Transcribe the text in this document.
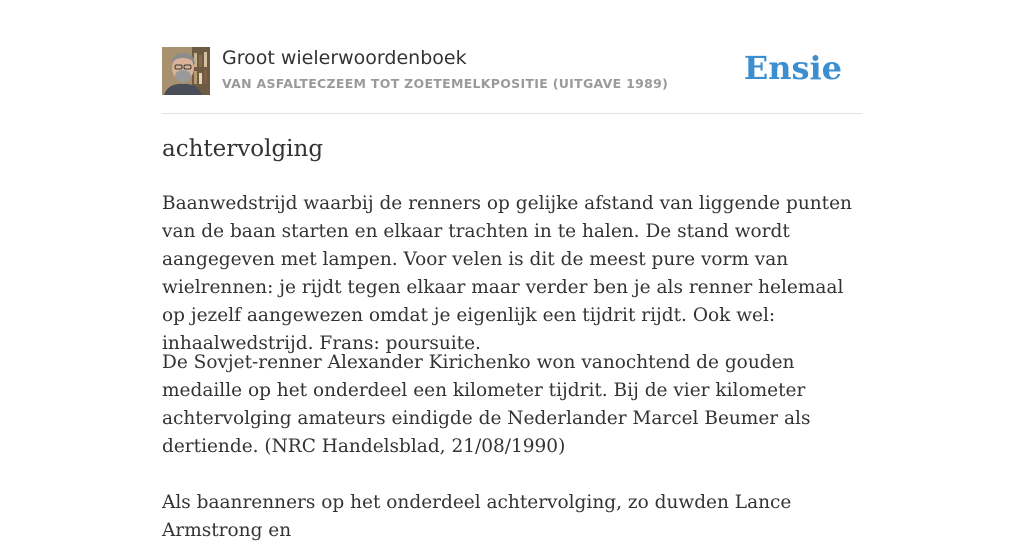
Groot wielerwoordenboek
VAN ASFALTECZEEM TOT ZOETEMELKPOSITIE (UITGAVE 1989) Ensie
achtervolging

Baanwedstrijd waarbij de renners op gelijke afstand van liggende punten van de baan starten en elkaar trachten in te halen. De stand wordt aangegeven met lampen. Voor velen is dit de meest pure vorm van wielrennen: je rijdt tegen elkaar maar verder ben je als renner helemaal op jezelf aangewezen omdat je eigenlijk een tijdrit rijdt. Ook wel: inhaalwedstrijd. Frans: poursuite.

De Sovjet-renner Alexander Kirichenko won vanochtend de gouden medaille op het onderdeel een kilometer tijdrit. Bij de vier kilometer achtervolging amateurs eindigde de Nederlander Marcel Beumer als dertiende. (NRC Handelsblad, 21/08/1990)

Als baanrenners op het onderdeel achtervolging, zo duwden Lance Armstrong en
